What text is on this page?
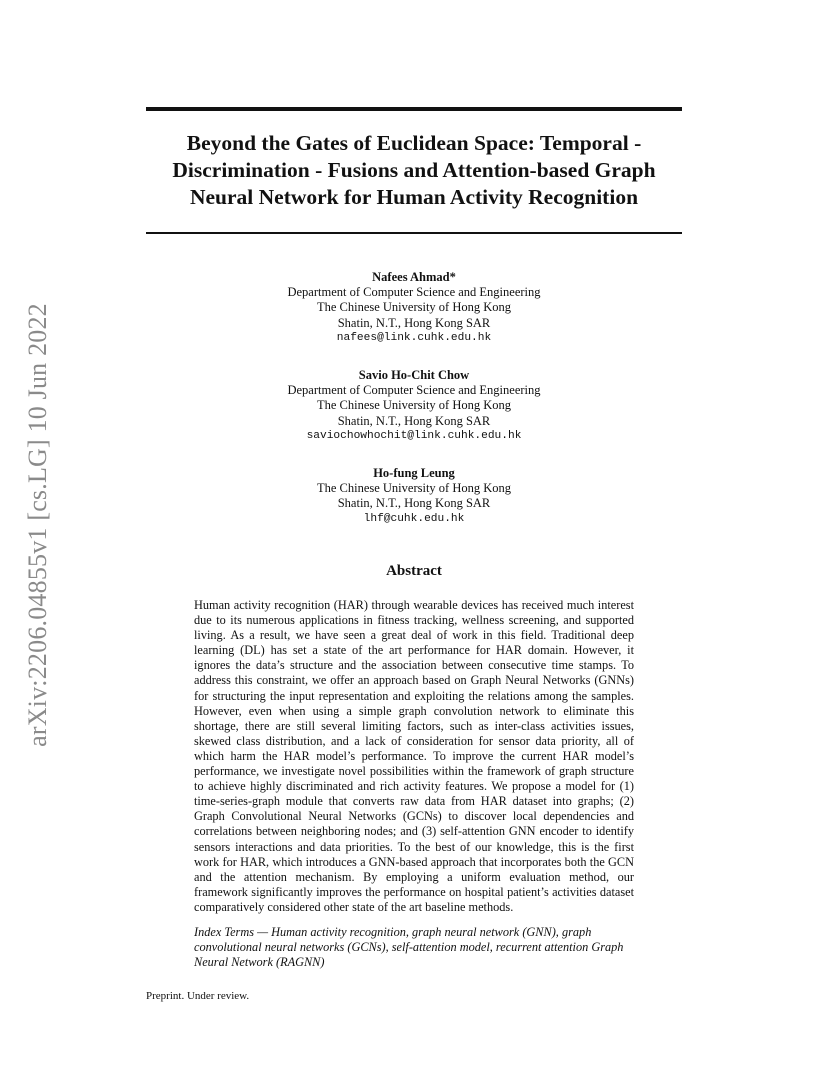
arXiv:2206.04855v1 [cs.LG] 10 Jun 2022
Beyond the Gates of Euclidean Space: Temporal - Discrimination - Fusions and Attention-based Graph Neural Network for Human Activity Recognition
Nafees Ahmad*
Department of Computer Science and Engineering
The Chinese University of Hong Kong
Shatin, N.T., Hong Kong SAR
nafees@link.cuhk.edu.hk
Savio Ho-Chit Chow
Department of Computer Science and Engineering
The Chinese University of Hong Kong
Shatin, N.T., Hong Kong SAR
saviochowhochit@link.cuhk.edu.hk
Ho-fung Leung
The Chinese University of Hong Kong
Shatin, N.T., Hong Kong SAR
lhf@cuhk.edu.hk
Abstract

Human activity recognition (HAR) through wearable devices has received much interest due to its numerous applications in fitness tracking, wellness screening, and supported living. As a result, we have seen a great deal of work in this field. Traditional deep learning (DL) has set a state of the art performance for HAR domain. However, it ignores the data’s structure and the association between consecutive time stamps. To address this constraint, we offer an approach based on Graph Neural Networks (GNNs) for structuring the input representation and exploiting the relations among the samples. However, even when using a simple graph convolution network to eliminate this shortage, there are still several limiting factors, such as inter-class activities issues, skewed class distribution, and a lack of consideration for sensor data priority, all of which harm the HAR model’s performance. To improve the current HAR model’s performance, we investigate novel possibilities within the framework of graph structure to achieve highly discriminated and rich activity features. We propose a model for (1) time-series-graph module that converts raw data from HAR dataset into graphs; (2) Graph Convolutional Neural Networks (GCNs) to discover local dependencies and correlations between neighboring nodes; and (3) self-attention GNN encoder to identify sensors interactions and data priorities. To the best of our knowledge, this is the first work for HAR, which introduces a GNN-based approach that incorporates both the GCN and the attention mechanism. By employing a uniform evaluation method, our framework significantly improves the performance on hospital patient’s activities dataset comparatively considered other state of the art baseline methods.

Index Terms — Human activity recognition, graph neural network (GNN), graph convolutional neural networks (GCNs), self-attention model, recurrent attention Graph Neural Network (RAGNN)

Preprint. Under review.
